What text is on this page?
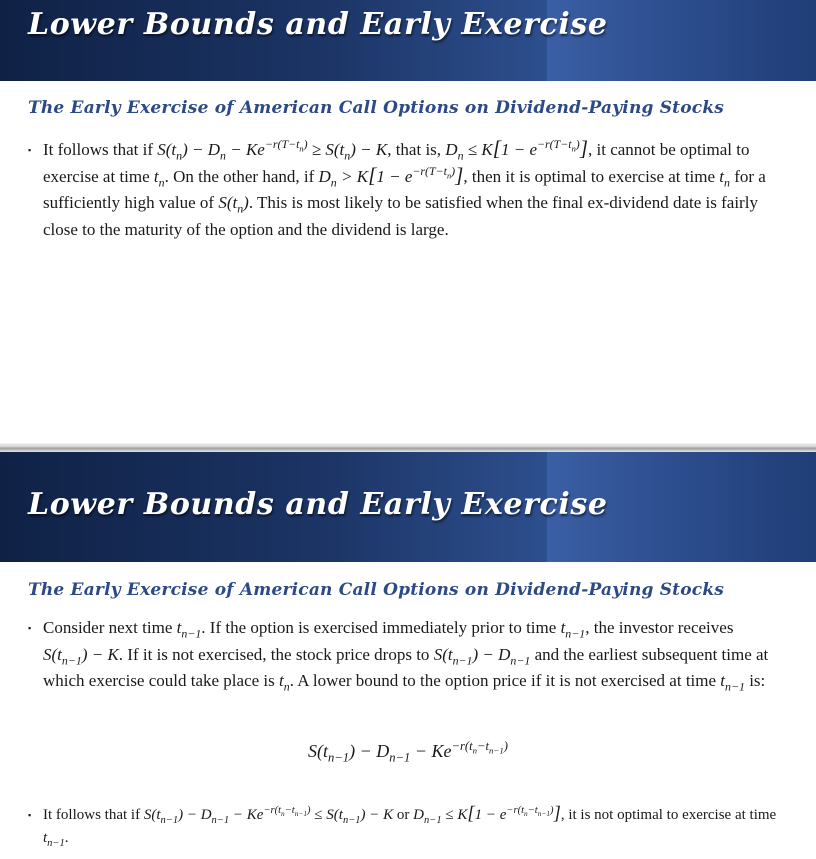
Lower Bounds and Early Exercise
The Early Exercise of American Call Options on Dividend-Paying Stocks
▪ It follows that if $S(t_n) - D_n - Ke^{-r(T-t_n)} \ge S(t_n) - K$, that is, $D_n \le K[1 - e^{-r(T-t_n)}]$, it cannot be optimal to exercise at time $t_n$. On the other hand, if $D_n > K[1 - e^{-r(T-t_n)}]$, then it is optimal to exercise at time $t_n$ for a sufficiently high value of $S(t_n)$. This is most likely to be satisfied when the final ex-dividend date is fairly close to the maturity of the option and the dividend is large.
Lower Bounds and Early Exercise
The Early Exercise of American Call Options on Dividend-Paying Stocks
▪ Consider next time $t_{n-1}$. If the option is exercised immediately prior to time $t_{n-1}$, the investor receives $S(t_{n-1}) - K$. If it is not exercised, the stock price drops to $S(t_{n-1}) - D_{n-1}$ and the earliest subsequent time at which exercise could take place is $t_n$. A lower bound to the option price if it is not exercised at time $t_{n-1}$ is:
$S(t_{n-1}) - D_{n-1} - Ke^{-r(t_n-t_{n-1})}$
▪ It follows that if $S(t_{n-1}) - D_{n-1} - Ke^{-r(t_n-t_{n-1})} \le S(t_{n-1}) - K$ or $D_{n-1} \le K[1 - e^{-r(t_n-t_{n-1})}]$, it is not optimal to exercise at time $t_{n-1}$.
